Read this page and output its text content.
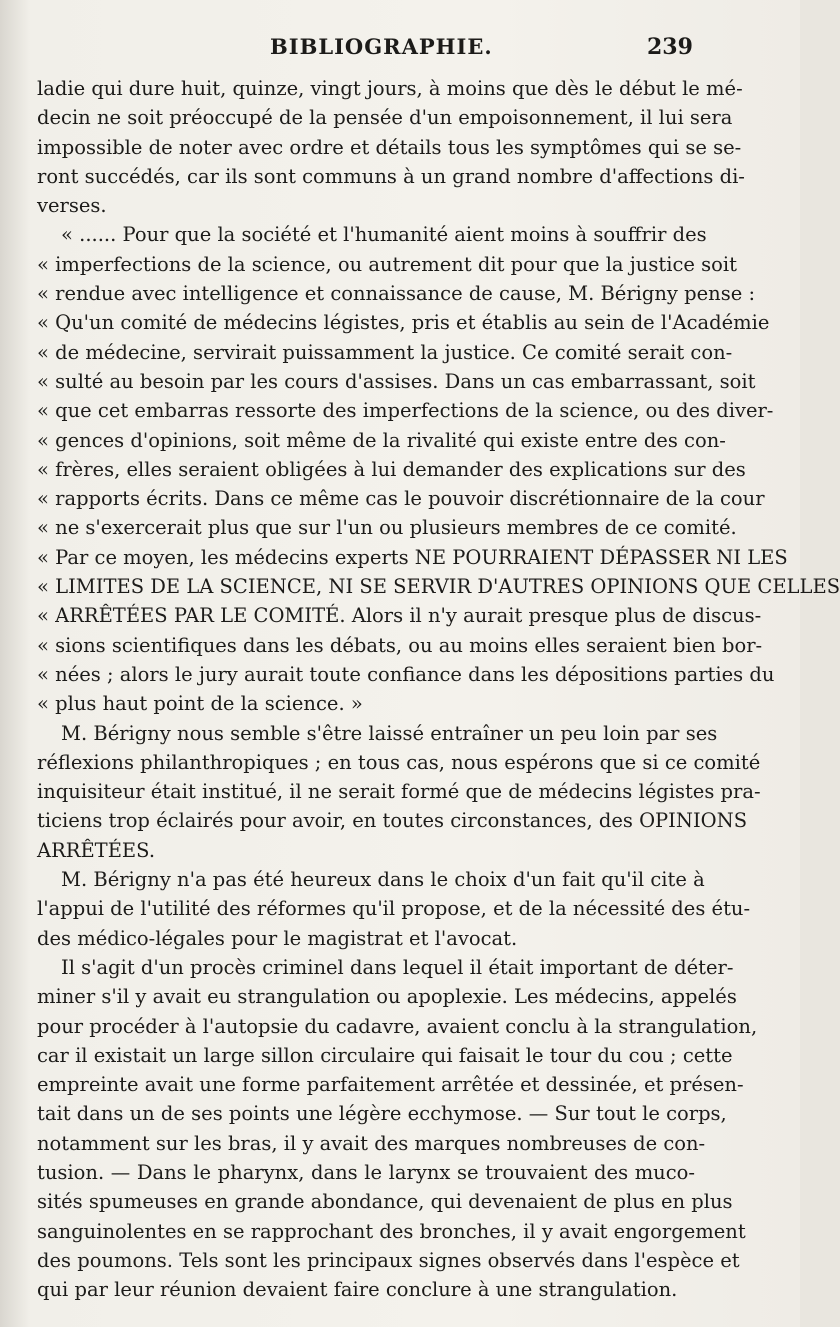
BIBLIOGRAPHIE.	239
ladie qui dure huit, quinze, vingt jours, à moins que dès le début le mé-
decin ne soit préoccupé de la pensée d'un empoisonnement, il lui sera
impossible de noter avec ordre et détails tous les symptômes qui se se-
ront succédés, car ils sont communs à un grand nombre d'affections di-
verses.
« ...... Pour que la société et l'humanité aient moins à souffrir des
« imperfections de la science, ou autrement dit pour que la justice soit
« rendue avec intelligence et connaissance de cause, M. Bérigny pense :
« Qu'un comité de médecins légistes, pris et établis au sein de l'Académie
« de médecine, servirait puissamment la justice. Ce comité serait con-
« sulté au besoin par les cours d'assises. Dans un cas embarrassant, soit
« que cet embarras ressorte des imperfections de la science, ou des diver-
« gences d'opinions, soit même de la rivalité qui existe entre des con-
« frères, elles seraient obligées à lui demander des explications sur des
« rapports écrits. Dans ce même cas le pouvoir discrétionnaire de la cour
« ne s'exercerait plus que sur l'un ou plusieurs membres de ce comité.
« Par ce moyen, les médecins experts NE POURRAIENT DÉPASSER NI LES
« LIMITES DE LA SCIENCE, NI SE SERVIR D'AUTRES OPINIONS QUE CELLES
« ARRÊTÉES PAR LE COMITÉ. Alors il n'y aurait presque plus de discus-
« sions scientifiques dans les débats, ou au moins elles seraient bien bor-
« nées ; alors le jury aurait toute confiance dans les dépositions parties du
« plus haut point de la science. »
M. Bérigny nous semble s'être laissé entraîner un peu loin par ses
réflexions philanthropiques ; en tous cas, nous espérons que si ce comité
inquisiteur était institué, il ne serait formé que de médecins légistes pra-
ticiens trop éclairés pour avoir, en toutes circonstances, des OPINIONS
ARRÊTÉES.
M. Bérigny n'a pas été heureux dans le choix d'un fait qu'il cite à
l'appui de l'utilité des réformes qu'il propose, et de la nécessité des étu-
des médico-légales pour le magistrat et l'avocat.
Il s'agit d'un procès criminel dans lequel il était important de déter-
miner s'il y avait eu strangulation ou apoplexie. Les médecins, appelés
pour procéder à l'autopsie du cadavre, avaient conclu à la strangulation,
car il existait un large sillon circulaire qui faisait le tour du cou ; cette
empreinte avait une forme parfaitement arrêtée et dessinée, et présen-
tait dans un de ses points une légère ecchymose. — Sur tout le corps,
notamment sur les bras, il y avait des marques nombreuses de con-
tusion. — Dans le pharynx, dans le larynx se trouvaient des muco-
sités spumeuses en grande abondance, qui devenaient de plus en plus
sanguinolentes en se rapprochant des bronches, il y avait engorgement
des poumons. Tels sont les principaux signes observés dans l'espèce et
qui par leur réunion devaient faire conclure à une strangulation.
